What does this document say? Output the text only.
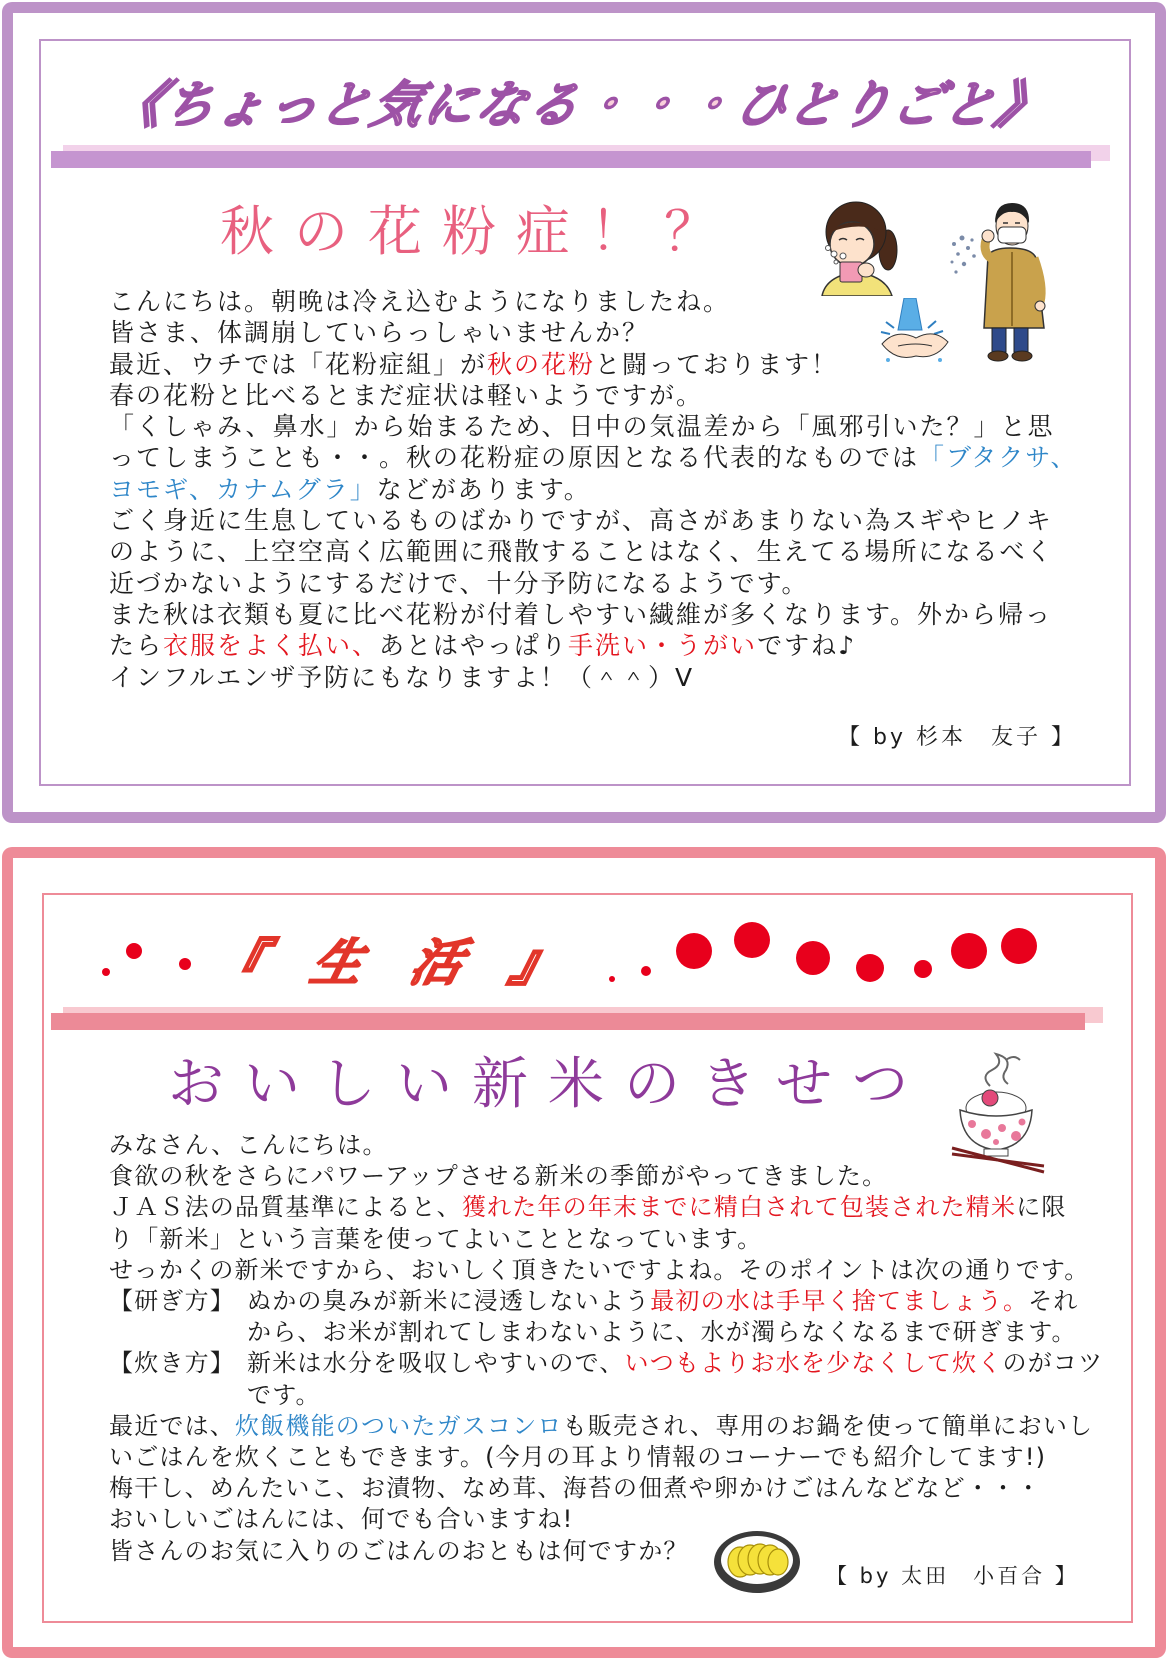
《ちょっと気になる・・・ひとりごと》
秋の花粉症！？
こんにちは。朝晩は冷え込むようになりましたね。
皆さま、体調崩していらっしゃいませんか？
最近、ウチでは「花粉症組」が秋の花粉と闘っております！
春の花粉と比べるとまだ症状は軽いようですが。
「くしゃみ、鼻水」から始まるため、日中の気温差から「風邪引いた？」と思
ってしまうことも・・。秋の花粉症の原因となる代表的なものでは「ブタクサ、
ヨモギ、カナムグラ」などがあります。
ごく身近に生息しているものばかりですが、高さがあまりない為スギやヒノキ
のように、上空空高く広範囲に飛散することはなく、生えてる場所になるべく
近づかないようにするだけで、十分予防になるようです。
また秋は衣類も夏に比べ花粉が付着しやすい繊維が多くなります。外から帰っ
たら衣服をよく払い、あとはやっぱり手洗い・うがいですね♪
インフルエンザ予防にもなりますよ！（＾＾）V
【 by 杉本　友子 】
『 生 活 』
おいしい新米のきせつ
みなさん、こんにちは。
食欲の秋をさらにパワーアップさせる新米の季節がやってきました。
ＪＡＳ法の品質基準によると、獲れた年の年末までに精白されて包装された精米に限
り「新米」という言葉を使ってよいこととなっています。
せっかくの新米ですから、おいしく頂きたいですよね。そのポイントは次の通りです。
【研ぎ方】 ぬかの臭みが新米に浸透しないよう最初の水は手早く捨てましょう。それ
から、お米が割れてしまわないように、水が濁らなくなるまで研ぎます。
【炊き方】 新米は水分を吸収しやすいので、いつもよりお水を少なくして炊くのがコツ
です。
最近では、炊飯機能のついたガスコンロも販売され、専用のお鍋を使って簡単においし
いごはんを炊くこともできます。(今月の耳より情報のコーナーでも紹介してます!)
梅干し、めんたいこ、お漬物、なめ茸、海苔の佃煮や卵かけごはんなどなど・・・
おいしいごはんには、何でも合いますね!
皆さんのお気に入りのごはんのおともは何ですか？
【 by 太田　小百合 】
